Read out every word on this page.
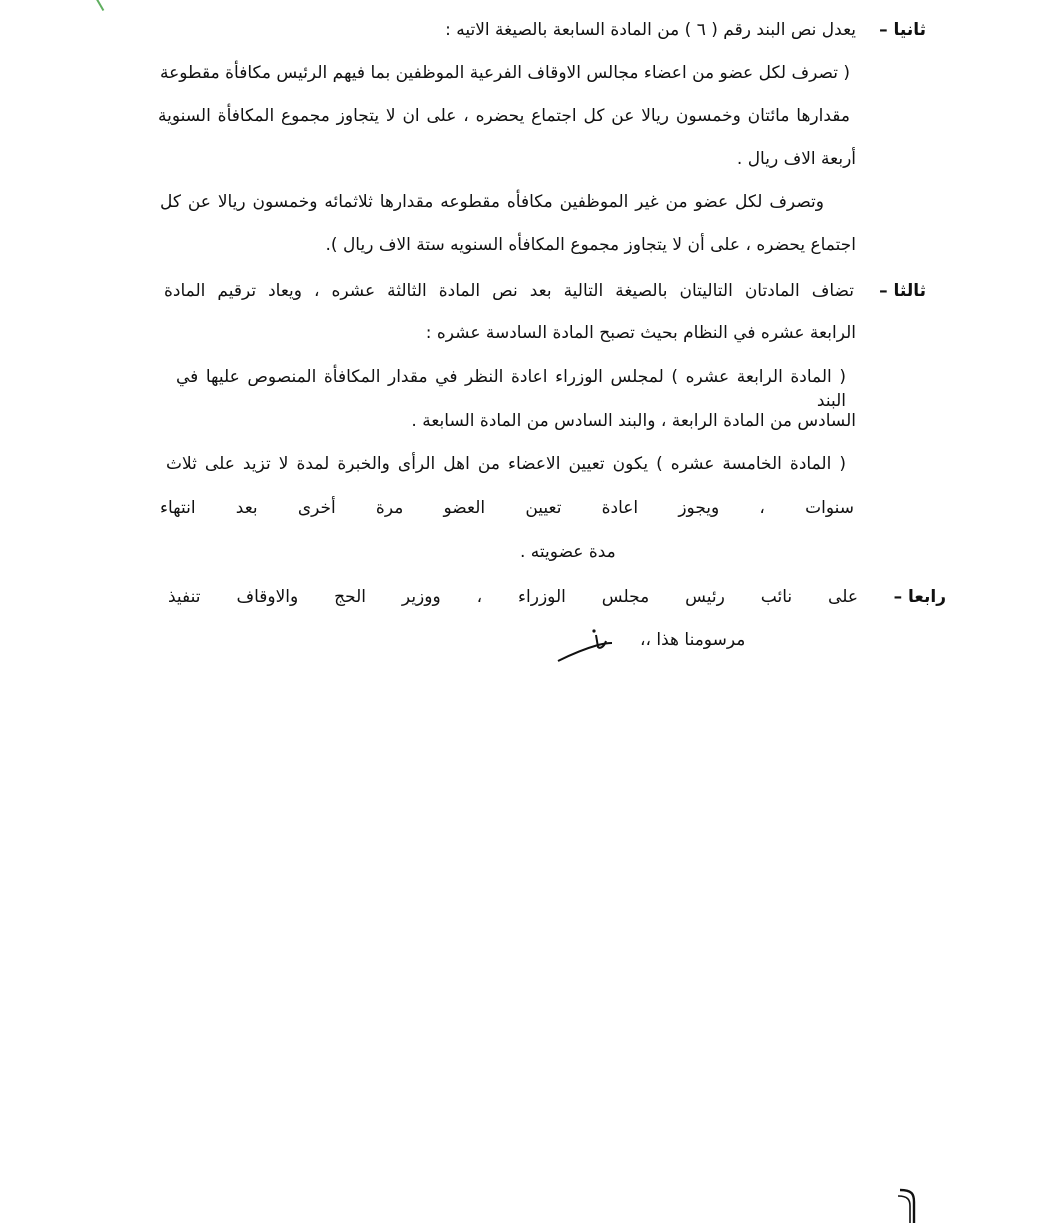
ثانيا –
يعدل نص البند رقم ( ٦ ) من المادة السابعة بالصيغة الاتيه :
( تصرف لكل عضو من اعضاء مجالس الاوقاف الفرعية الموظفين بما فيهم الرئيس مكافأة مقطوعة
مقدارها مائتان وخمسون ريالا عن كل اجتماع يحضره ، على ان لا يتجاوز مجموع المكافأة السنوية
أربعة الاف ريال .
وتصرف لكل عضو من غير الموظفين مكافأه مقطوعه مقدارها ثلاثمائه وخمسون ريالا عن كل
اجتماع يحضره ، على أن لا يتجاوز مجموع المكافأه السنويه ستة الاف ريال ).
ثالثا –
تضاف المادتان التاليتان بالصيغة التالية بعد نص المادة الثالثة عشره ، ويعاد ترقيم المادة
الرابعة عشره في النظام بحيث تصبح المادة السادسة عشره :
( المادة الرابعة عشره ) لمجلس الوزراء اعادة النظر في مقدار المكافأة المنصوص عليها في البند
السادس من المادة الرابعة ، والبند السادس من المادة السابعة .
( المادة الخامسة عشره ) يكون تعيين الاعضاء من اهل الرأى والخبرة لمدة لا تزيد على ثلاث
سنوات ، ويجوز اعادة تعيين العضو مرة أخرى بعد انتهاء
مدة عضويته .
رابعا –
على نائب رئيس مجلس الوزراء ، ووزير الحج والاوقاف تنفيذ
مرسومنا هذا ،،
